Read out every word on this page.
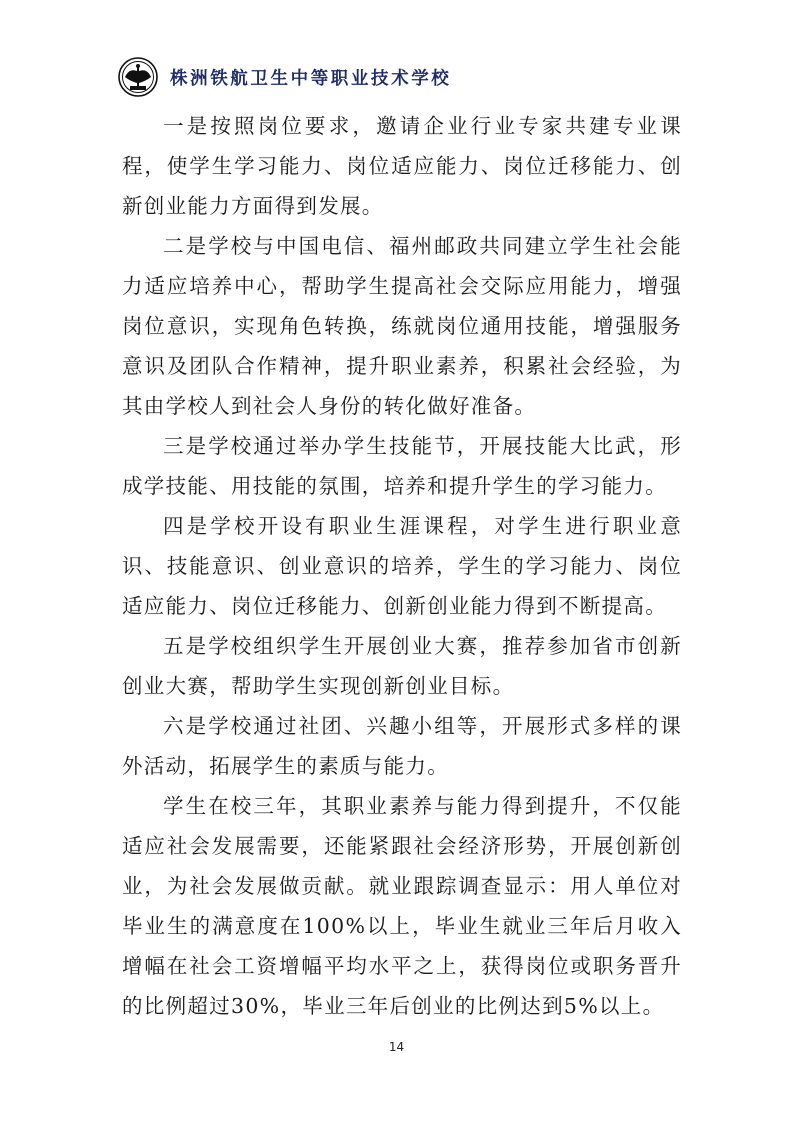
株洲铁航卫生中等职业技术学校

一是按照岗位要求，邀请企业行业专家共建专业课程，使学生学习能力、岗位适应能力、岗位迁移能力、创新创业能力方面得到发展。

二是学校与中国电信、福州邮政共同建立学生社会能力适应培养中心，帮助学生提高社会交际应用能力，增强岗位意识，实现角色转换，练就岗位通用技能，增强服务意识及团队合作精神，提升职业素养，积累社会经验，为其由学校人到社会人身份的转化做好准备。

三是学校通过举办学生技能节，开展技能大比武，形成学技能、用技能的氛围，培养和提升学生的学习能力。

四是学校开设有职业生涯课程，对学生进行职业意识、技能意识、创业意识的培养，学生的学习能力、岗位适应能力、岗位迁移能力、创新创业能力得到不断提高。

五是学校组织学生开展创业大赛，推荐参加省市创新创业大赛，帮助学生实现创新创业目标。

六是学校通过社团、兴趣小组等，开展形式多样的课外活动，拓展学生的素质与能力。

学生在校三年，其职业素养与能力得到提升，不仅能适应社会发展需要，还能紧跟社会经济形势，开展创新创业，为社会发展做贡献。就业跟踪调查显示：用人单位对毕业生的满意度在100%以上，毕业生就业三年后月收入增幅在社会工资增幅平均水平之上，获得岗位或职务晋升的比例超过30%，毕业三年后创业的比例达到5%以上。

14
